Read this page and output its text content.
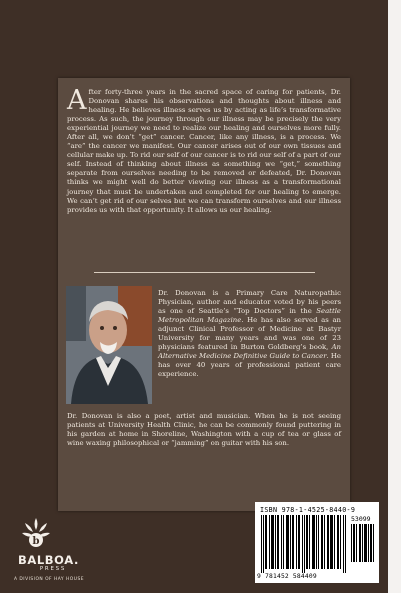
After forty-three years in the sacred space of caring for patients, Dr. Donovan shares his observations and thoughts about illness and healing. He believes illness serves us by acting as life’s transformative process. As such, the journey through our illness may be precisely the very experiential journey we need to realize our healing and ourselves more fully. After all, we don’t “get” cancer. Cancer, like any illness, is a process. We “are” the cancer we manifest. Our cancer arises out of our own tissues and cellular make up. To rid our self of our cancer is to rid our self of a part of our self. Instead of thinking about illness as something we “get,” something separate from ourselves needing to be removed or defeated, Dr. Donovan thinks we might well do better viewing our illness as a transformational journey that must be undertaken and completed for our healing to emerge. We can’t get rid of our selves but we can transform ourselves and our illness provides us with that opportunity. It allows us our healing.

Dr. Donovan is a Primary Care Naturopathic Physician, author and educator voted by his peers as one of Seattle’s “Top Doctors” in the Seattle Metropolitan Magazine. He has also served as an adjunct Clinical Professor of Medicine at Bastyr University for many years and was one of 23 physicians featured in Burton Goldberg’s book, An Alternative Medicine Definitive Guide to Cancer. He has over 40 years of professional patient care experience.

Dr. Donovan is also a poet, artist and musician. When he is not seeing patients at University Health Clinic, he can be commonly found puttering in his garden at home in Shoreline, Washington with a cup of tea or glass of wine waxing philosophical or “jamming” on guitar with his son.

ISBN 978-1-4525-8440-9
53099
9 781452 584409
b
BALBOA.
PRESS
A DIVISION OF HAY HOUSE
